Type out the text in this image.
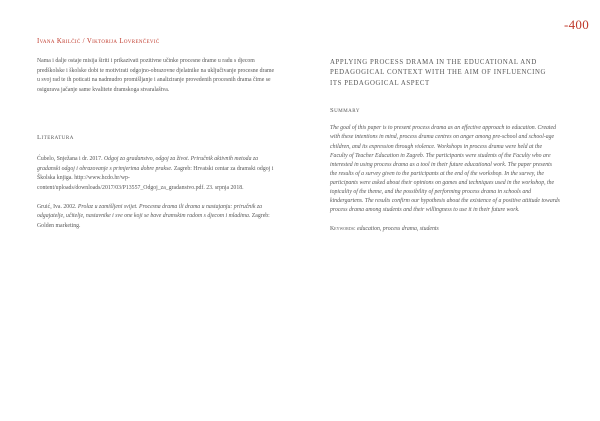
-400
Ivana Krilčić / Viktorija Lovrenčević

Nama i dalje ostaje misija širiti i prikazivati pozitivne učinke procesne drame u radu s djecom predškolske i školske dobi te motivirati odgojno-obrazovne djelatnike na uključivanje procesne drame u svoj rad te ih poticati na nadmudro promišljanje i analiziranje provedenih procesnih drama čime se osigurava jačanje same kvalitete dramskoga stvaralaštva.

Literatura

Ćubelo, Snježana i dr. 2017. Odgoj za gradanstvo, odgoj za život. Priručnik aktivnih metoda za gradanski odgoj i obrazovanje s primjerima dobre prakse. Zagreb: Hrvatski centar za dramski odgoj i Školska knjiga. http://www.hcdo.hr/wp-content/uploads/downloads/2017/03/P13557_Odgoj_za_gradanstvo.pdf. 23. srpnja 2018.

Gruić, Iva. 2002. Prolaz u zamišljeni svijet. Procesna drama ili drama u nastajanju: priručnik za odgajatelje, učitelje, nastavnike i sve one koji se bave dramskim radom s djecom i mladima. Zagreb: Golden marketing.

APPLYING PROCESS DRAMA IN THE EDUCATIONAL AND PEDAGOGICAL CONTEXT WITH THE AIM OF INFLUENCING ITS PEDAGOGICAL ASPECT
Summary

The goal of this paper is to present process drama as an effective approach to education. Created with these intentions in mind, process drama centres on anger among pre-school and school-age children, and its expression through violence. Workshops in process drama were held at the Faculty of Teacher Education in Zagreb. The participants were students of the Faculty who are interested in using process drama as a tool in their future educational work. The paper presents the results of a survey given to the participants at the end of the workshop. In the survey, the participants were asked about their opinions on games and techniques used in the workshop, the topicality of the theme, and the possibility of performing process drama in schools and kindergartens. The results confirm our hypothesis about the existence of a positive attitude towards process drama among students and their willingness to use it in their future work.

Keywords: education, process drama, students
